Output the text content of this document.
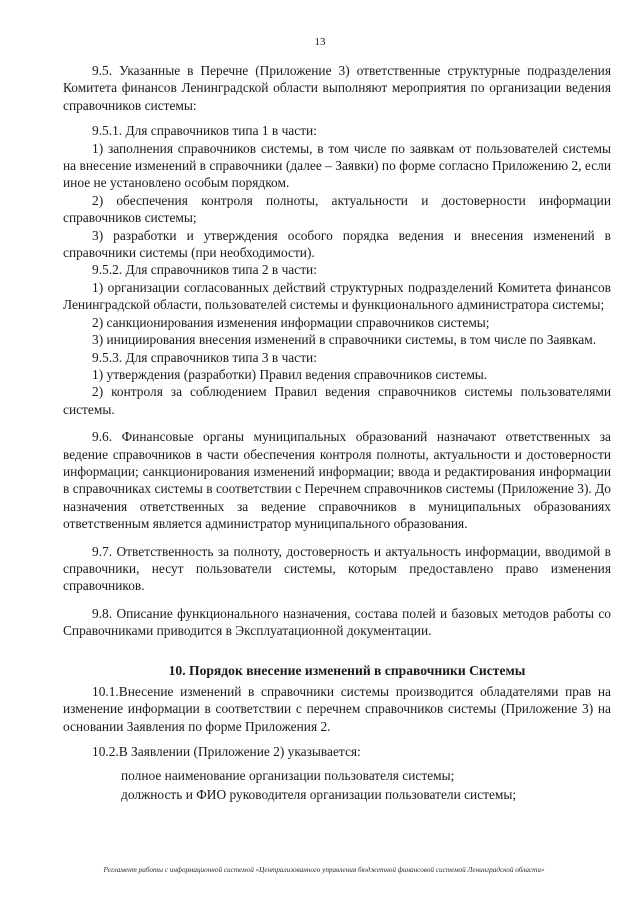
13

9.5. Указанные в Перечне (Приложение 3) ответственные структурные подразделения Комитета финансов Ленинградской области выполняют мероприятия по организации ведения справочников системы:

9.5.1. Для справочников типа 1 в части:

1) заполнения справочников системы, в том числе по заявкам от пользователей системы на внесение изменений в справочники (далее – Заявки) по форме согласно Приложению 2, если иное не установлено особым порядком.

2) обеспечения контроля полноты, актуальности и достоверности информации справочников системы;

3) разработки и утверждения особого порядка ведения и внесения изменений в справочники системы (при необходимости).

9.5.2. Для справочников типа 2 в части:

1) организации согласованных действий структурных подразделений Комитета финансов Ленинградской области, пользователей системы и функционального администратора системы;

2) санкционирования изменения информации справочников системы;

3) инициирования внесения изменений в справочники системы, в том числе по Заявкам.

9.5.3. Для справочников типа 3 в части:

1) утверждения (разработки) Правил ведения справочников системы.

2) контроля за соблюдением Правил ведения справочников системы пользователями системы.

9.6. Финансовые органы муниципальных образований назначают ответственных за ведение справочников в части обеспечения контроля полноты, актуальности и достоверности информации; санкционирования изменений информации; ввода и редактирования информации в справочниках системы в соответствии с Перечнем справочников системы (Приложение 3). До назначения ответственных за ведение справочников в муниципальных образованиях ответственным является администратор муниципального образования.

9.7. Ответственность за полноту, достоверность и актуальность информации, вводимой в справочники, несут пользователи системы, которым предоставлено право изменения справочников.

9.8. Описание функционального назначения, состава полей и базовых методов работы со Справочниками приводится в Эксплуатационной документации.

10. Порядок внесение изменений в справочники Системы

10.1.Внесение изменений в справочники системы производится обладателями прав на изменение информации в соответствии с перечнем справочников системы (Приложение 3) на основании Заявления по форме Приложения 2.

10.2.В Заявлении (Приложение 2) указывается:

полное наименование организации пользователя системы;

должность и ФИО руководителя организации пользователи системы;

Регламент работы с информационной системой «Централизованного управления бюджетной финансовой системой Ленинградской области»
